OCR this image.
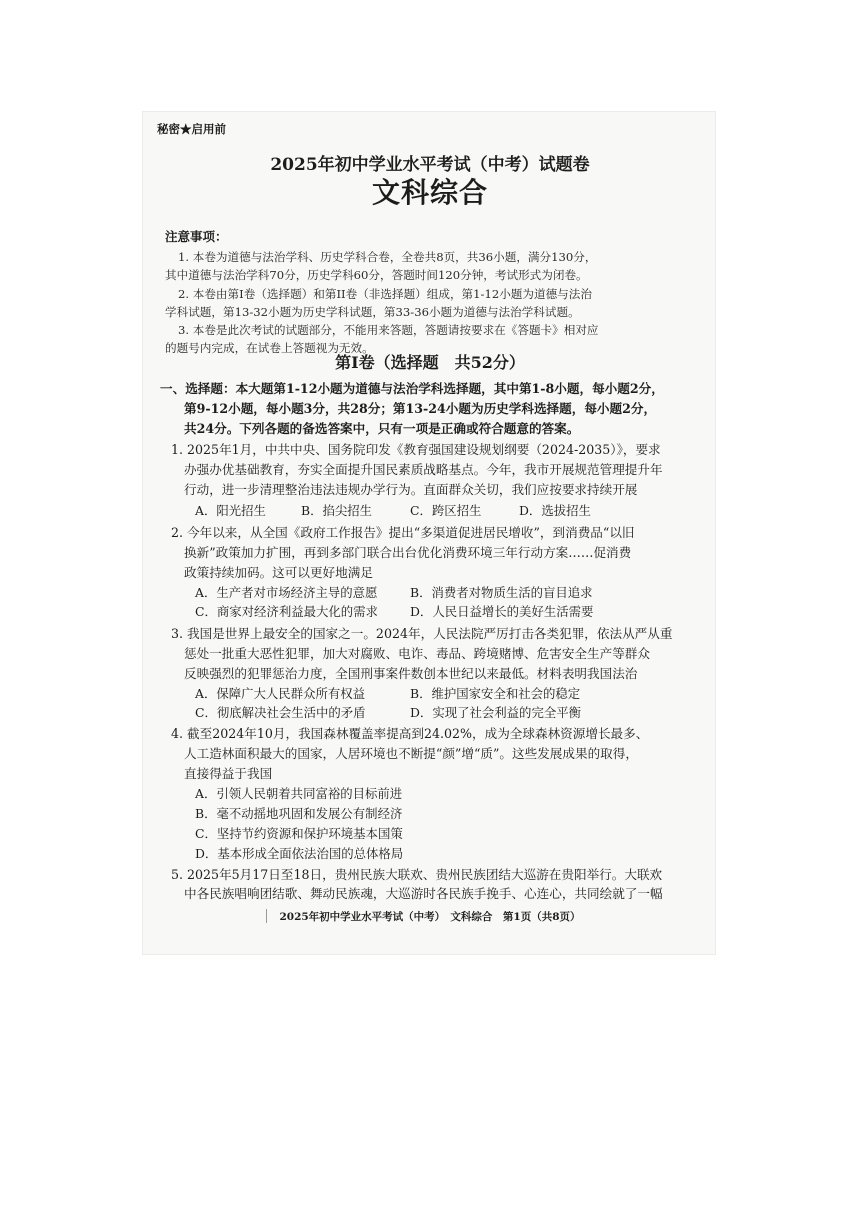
秘密★启用前
2025年初中学业水平考试（中考）试题卷
文科综合
注意事项：
1. 本卷为道德与法治学科、历史学科合卷，全卷共8页，共36小题，满分130分，
其中道德与法治学科70分，历史学科60分，答题时间120分钟，考试形式为闭卷。
2. 本卷由第I卷（选择题）和第II卷（非选择题）组成，第1-12小题为道德与法治
学科试题，第13-32小题为历史学科试题，第33-36小题为道德与法治学科试题。
3. 本卷是此次考试的试题部分，不能用来答题，答题请按要求在《答题卡》相对应
的题号内完成，在试卷上答题视为无效。
第I卷（选择题　共52分）
一、选择题：本大题第1-12小题为道德与法治学科选择题，其中第1-8小题，每小题2分，
第9-12小题，每小题3分，共28分；第13-24小题为历史学科选择题，每小题2分，
共24分。下列各题的备选答案中，只有一项是正确或符合题意的答案。
1. 2025年1月，中共中央、国务院印发《教育强国建设规划纲要（2024-2035）》，要求
办强办优基础教育，夯实全面提升国民素质战略基点。今年，我市开展规范管理提升年
行动，进一步清理整治违法违规办学行为。直面群众关切，我们应按要求持续开展
A．阳光招生	B．掐尖招生	C．跨区招生	D．选拔招生
2. 今年以来，从全国《政府工作报告》提出“多渠道促进居民增收”，到消费品“以旧
换新”政策加力扩围，再到多部门联合出台优化消费环境三年行动方案……促消费
政策持续加码。这可以更好地满足
A．生产者对市场经济主导的意愿	B．消费者对物质生活的盲目追求
C．商家对经济利益最大化的需求	D．人民日益增长的美好生活需要
3. 我国是世界上最安全的国家之一。2024年，人民法院严厉打击各类犯罪，依法从严从重
惩处一批重大恶性犯罪，加大对腐败、电诈、毒品、跨境赌博、危害安全生产等群众
反映强烈的犯罪惩治力度，全国刑事案件数创本世纪以来最低。材料表明我国法治
A．保障广大人民群众所有权益	B．维护国家安全和社会的稳定
C．彻底解决社会生活中的矛盾	D．实现了社会利益的完全平衡
4. 截至2024年10月，我国森林覆盖率提高到24.02%，成为全球森林资源增长最多、
人工造林面积最大的国家，人居环境也不断提“颜”增“质”。这些发展成果的取得，
直接得益于我国
A．引领人民朝着共同富裕的目标前进
B．毫不动摇地巩固和发展公有制经济
C．坚持节约资源和保护环境基本国策
D．基本形成全面依法治国的总体格局
5. 2025年5月17日至18日，贵州民族大联欢、贵州民族团结大巡游在贵阳举行。大联欢
中各民族唱响团结歌、舞动民族魂，大巡游时各民族手挽手、心连心，共同绘就了一幅
2025年初中学业水平考试（中考）　文科综合　第1页（共8页）
